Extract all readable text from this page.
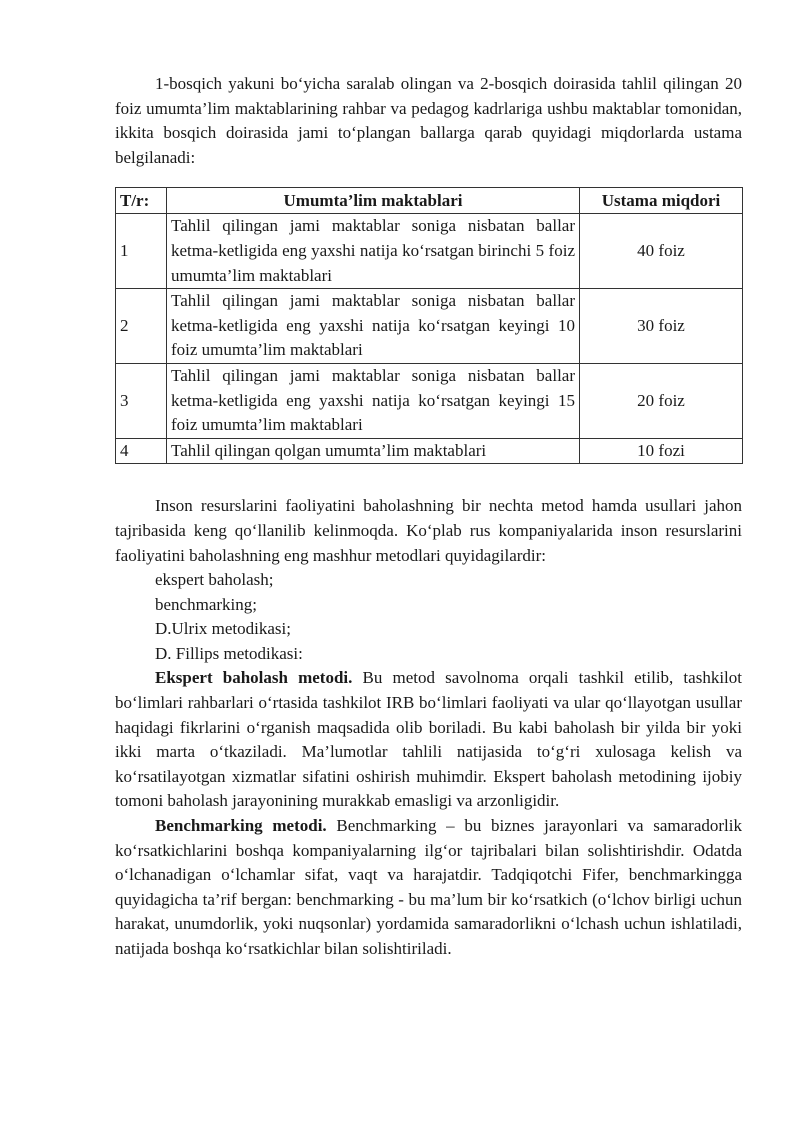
1-bosqich yakuni bo‘yicha saralab olingan va 2-bosqich doirasida tahlil qilingan 20 foiz umumta’lim maktablarining rahbar va pedagog kadrlariga ushbu maktablar tomonidan, ikkita bosqich doirasida jami to‘plangan ballarga qarab quyidagi miqdorlarda ustama belgilanadi:

T/r:	Umumta’lim maktablari	Ustama miqdori
1	Tahlil qilingan jami maktablar soniga nisbatan ballar ketma-ketligida eng yaxshi natija ko‘rsatgan birinchi 5 foiz umumta’lim maktablari	40 foiz
2	Tahlil qilingan jami maktablar soniga nisbatan ballar ketma-ketligida eng yaxshi natija ko‘rsatgan keyingi 10 foiz umumta’lim maktablari	30 foiz
3	Tahlil qilingan jami maktablar soniga nisbatan ballar ketma-ketligida eng yaxshi natija ko‘rsatgan keyingi 15 foiz umumta’lim maktablari	20 foiz
4	Tahlil qilingan qolgan umumta’lim maktablari	10 fozi

Inson resurslarini faoliyatini baholashning bir nechta metod hamda usullari jahon tajribasida keng qo‘llanilib kelinmoqda. Ko‘plab rus kompaniyalarida inson resurslarini faoliyatini baholashning eng mashhur metodlari quyidagilardir:

ekspert baholash;
benchmarking;
D.Ulrix metodikasi;
D. Fillips metodikasi:

Ekspert baholash metodi. Bu metod savolnoma orqali tashkil etilib, tashkilot bo‘limlari rahbarlari o‘rtasida tashkilot IRB bo‘limlari faoliyati va ular qo‘llayotgan usullar haqidagi fikrlarini o‘rganish maqsadida olib boriladi. Bu kabi baholash bir yilda bir yoki ikki marta o‘tkaziladi. Ma’lumotlar tahlili natijasida to‘g‘ri xulosaga kelish va ko‘rsatilayotgan xizmatlar sifatini oshirish muhimdir. Ekspert baholash metodining ijobiy tomoni baholash jarayonining murakkab emasligi va arzonligidir.

Benchmarking metodi. Benchmarking – bu biznes jarayonlari va samaradorlik ko‘rsatkichlarini boshqa kompaniyalarning ilg‘or tajribalari bilan solishtirishdir. Odatda o‘lchanadigan o‘lchamlar sifat, vaqt va harajatdir. Tadqiqotchi Fifer, benchmarkingga quyidagicha ta’rif bergan: benchmarking - bu ma’lum bir ko‘rsatkich (o‘lchov birligi uchun harakat, unumdorlik, yoki nuqsonlar) yordamida samaradorlikni o‘lchash uchun ishlatiladi, natijada boshqa ko‘rsatkichlar bilan solishtiriladi.
